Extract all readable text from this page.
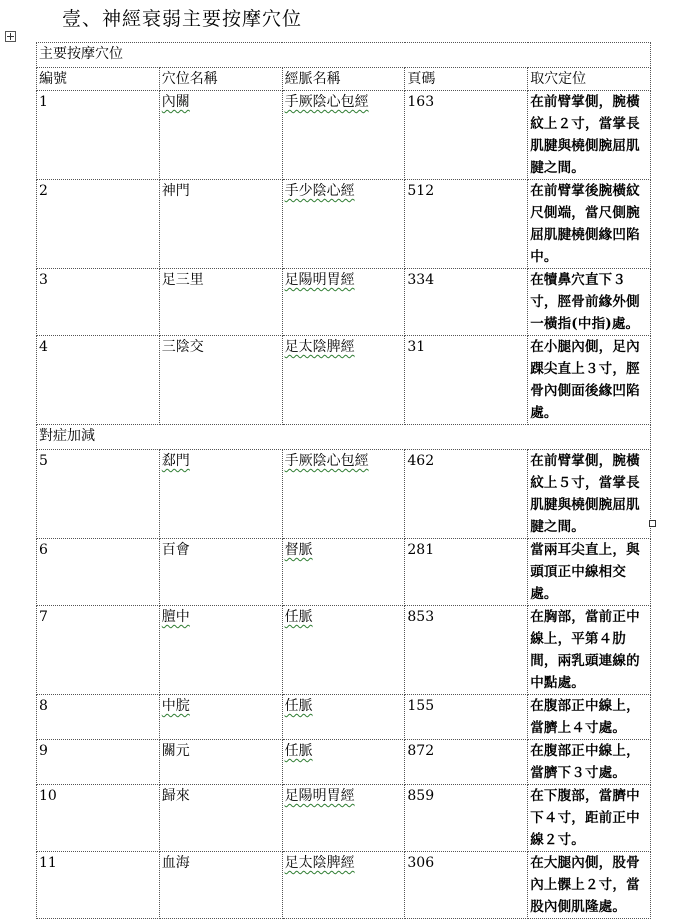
壹、神經衰弱主要按摩穴位
主要按摩穴位				
編號	穴位名稱	經脈名稱	頁碼	取穴定位
1	內關	手厥陰心包經	163	在前臂掌側，腕橫紋上２寸，當掌長肌腱與橈側腕屈肌腱之間。

2	神門	手少陰心經	512	在前臂掌後腕橫紋尺側端，當尺側腕屈肌腱橈側緣凹陷中。

3	足三里	足陽明胃經	334	在犢鼻穴直下３寸，脛骨前緣外側一橫指(中指)處。

4	三陰交	足太陰脾經	31	在小腿內側，足內踝尖直上３寸，脛骨內側面後緣凹陷處。

對症加減				
5	郄門	手厥陰心包經	462	在前臂掌側，腕橫紋上５寸，當掌長肌腱與橈側腕屈肌腱之間。

6	百會	督脈	281	當兩耳尖直上，與頭頂正中線相交處。

7	膻中	任脈	853	在胸部，當前正中線上，平第４肋間，兩乳頭連線的中點處。

8	中脘	任脈	155	在腹部正中線上，當臍上４寸處。

9	關元	任脈	872	在腹部正中線上，當臍下３寸處。

10	歸來	足陽明胃經	859	在下腹部，當臍中下４寸，距前正中線２寸。

11	血海	足太陰脾經	306	在大腿內側，股骨內上髁上２寸，當股內側肌隆處。
